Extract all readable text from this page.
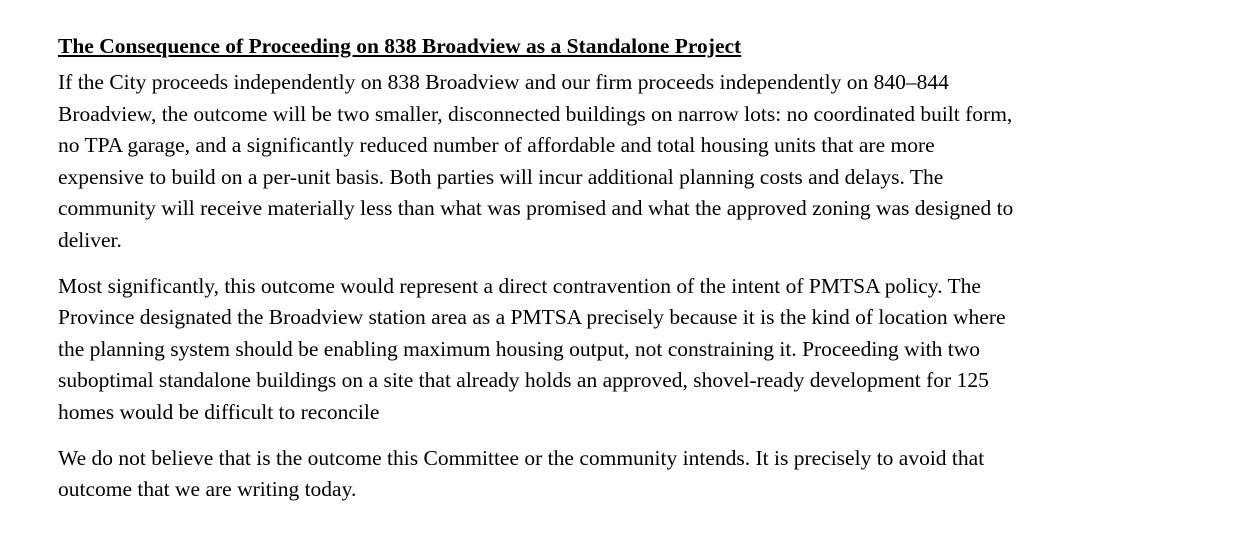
The Consequence of Proceeding on 838 Broadview as a Standalone Project
If the City proceeds independently on 838 Broadview and our firm proceeds independently on 840–844
Broadview, the outcome will be two smaller, disconnected buildings on narrow lots: no coordinated built form,
no TPA garage, and a significantly reduced number of affordable and total housing units that are more
expensive to build on a per-unit basis. Both parties will incur additional planning costs and delays. The
community will receive materially less than what was promised and what the approved zoning was designed to
deliver.
Most significantly, this outcome would represent a direct contravention of the intent of PMTSA policy. The
Province designated the Broadview station area as a PMTSA precisely because it is the kind of location where
the planning system should be enabling maximum housing output, not constraining it. Proceeding with two
suboptimal standalone buildings on a site that already holds an approved, shovel-ready development for 125
homes would be difficult to reconcile
We do not believe that is the outcome this Committee or the community intends. It is precisely to avoid that
outcome that we are writing today.
